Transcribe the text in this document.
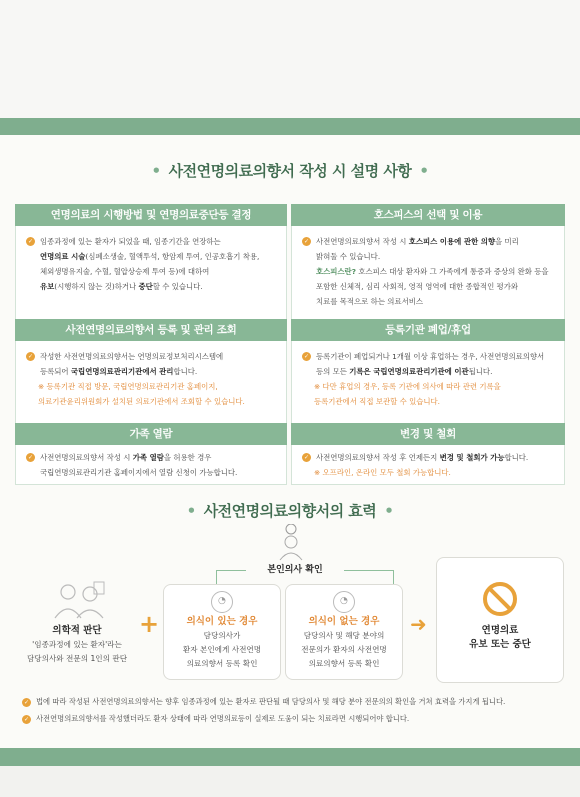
• 사전연명의료의향서 작성 시 설명 사항 •
연명의료의 시행방법 및 연명의료중단등 결정
✓ 임종과정에 있는 환자가 되었을 때, 임종기간을 연장하는
연명의료 시술(심폐소생술, 혈액투석, 항암제 투여, 인공호흡기 착용,
체외생명유지술, 수혈, 혈압상승제 투여 등)에 대하여
유보(시행하지 않는 것)하거나 중단할 수 있습니다.
호스피스의 선택 및 이용
✓ 사전연명의료의향서 작성 시 호스피스 이용에 관한 의향을 미리
밝혀둘 수 있습니다.
호스피스란? 호스피스 대상 환자와 그 가족에게 통증과 증상의 완화 등을
포함한 신체적, 심리 사회적, 영적 영역에 대한 종합적인 평가와
치료를 목적으로 하는 의료서비스
사전연명의료의향서 등록 및 관리 조회
✓ 작성한 사전연명의료의향서는 연명의료정보처리시스템에
등록되어 국립연명의료관리기관에서 관리합니다.
※ 등록기관 직접 방문, 국립연명의료관리기관 홈페이지,
의료기관윤리위원회가 설치된 의료기관에서 조회할 수 있습니다.
등록기관 폐업/휴업
✓ 등록기관이 폐업되거나 1개월 이상 휴업하는 경우, 사전연명의료의향서
등의 모든 기록은 국립연명의료관리기관에 이관됩니다.
※ 다만 휴업의 경우, 등록 기관에 의사에 따라 관련 기록을
등록기관에서 직접 보관할 수 있습니다.
가족 열람
✓ 사전연명의료의향서 작성 시 가족 열람을 허용한 경우
국립연명의료관리기관 홈페이지에서 열람 신청이 가능합니다.
변경 및 철회
✓ 사전연명의료의향서 작성 후 언제든지 변경 및 철회가 가능합니다.
※ 오프라인, 온라인 모두 철회 가능합니다.
• 사전연명의료의향서의 효력 •
본인의사 확인
의학적 판단
'임종과정에 있는 환자'라는
담당의사와 전문의 1인의 판단
+
◔
의식이 있는 경우
담당의사가
환자 본인에게 사전연명
의료의향서 등록 확인
◔
의식이 없는 경우
담당의사 및 해당 분야의
전문의가 환자의 사전연명
의료의향서 등록 확인
➜	연명의료
유보 또는 중단
✓ 법에 따라 작성된 사전연명의료의향서는 향후 임종과정에 있는 환자로 판단될 때 담당의사 및 해당 분야 전문의의 확인을 거쳐 효력을 가지게 됩니다.
✓ 사전연명의료의향서를 작성했더라도 환자 상태에 따라 연명의료등이 실제로 도움이 되는 치료라면 시행되어야 합니다.
